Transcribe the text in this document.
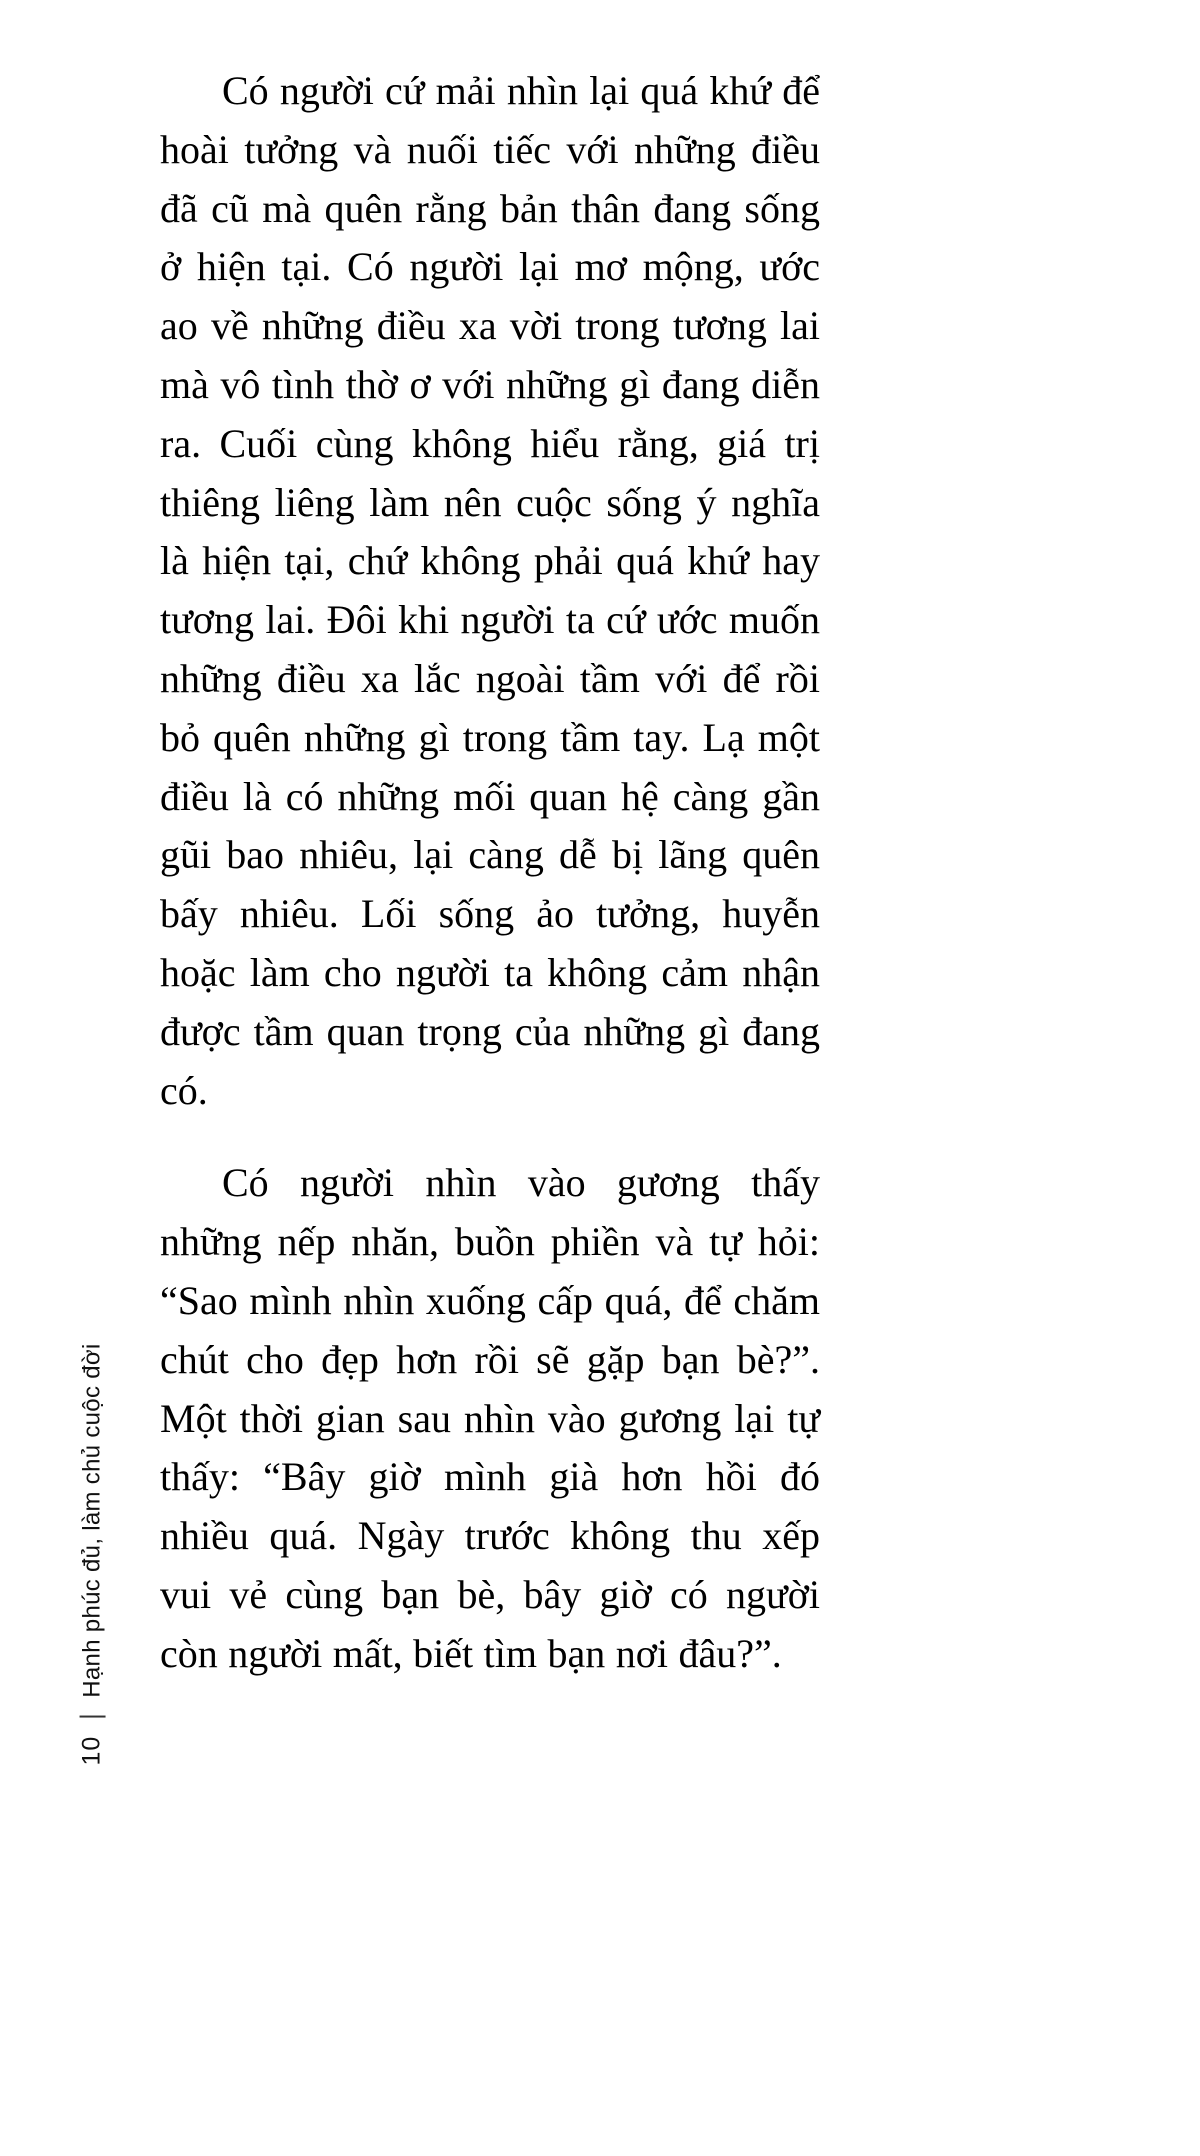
10
Hạnh phúc đủ, làm chủ cuộc đời

Có người cứ mải nhìn lại quá khứ để hoài tưởng và nuối tiếc với những điều đã cũ mà quên rằng bản thân đang sống ở hiện tại. Có người lại mơ mộng, ước ao về những điều xa vời trong tương lai mà vô tình thờ ơ với những gì đang diễn ra. Cuối cùng không hiểu rằng, giá trị thiêng liêng làm nên cuộc sống ý nghĩa là hiện tại, chứ không phải quá khứ hay tương lai. Đôi khi người ta cứ ước muốn những điều xa lắc ngoài tầm với để rồi bỏ quên những gì trong tầm tay. Lạ một điều là có những mối quan hệ càng gần gũi bao nhiêu, lại càng dễ bị lãng quên bấy nhiêu. Lối sống ảo tưởng, huyễn hoặc làm cho người ta không cảm nhận được tầm quan trọng của những gì đang có.

Có người nhìn vào gương thấy những nếp nhăn, buồn phiền và tự hỏi: “Sao mình nhìn xuống cấp quá, để chăm chút cho đẹp hơn rồi sẽ gặp bạn bè?”. Một thời gian sau nhìn vào gương lại tự thấy: “Bây giờ mình già hơn hồi đó nhiều quá. Ngày trước không thu xếp vui vẻ cùng bạn bè, bây giờ có người còn người mất, biết tìm bạn nơi đâu?”.
